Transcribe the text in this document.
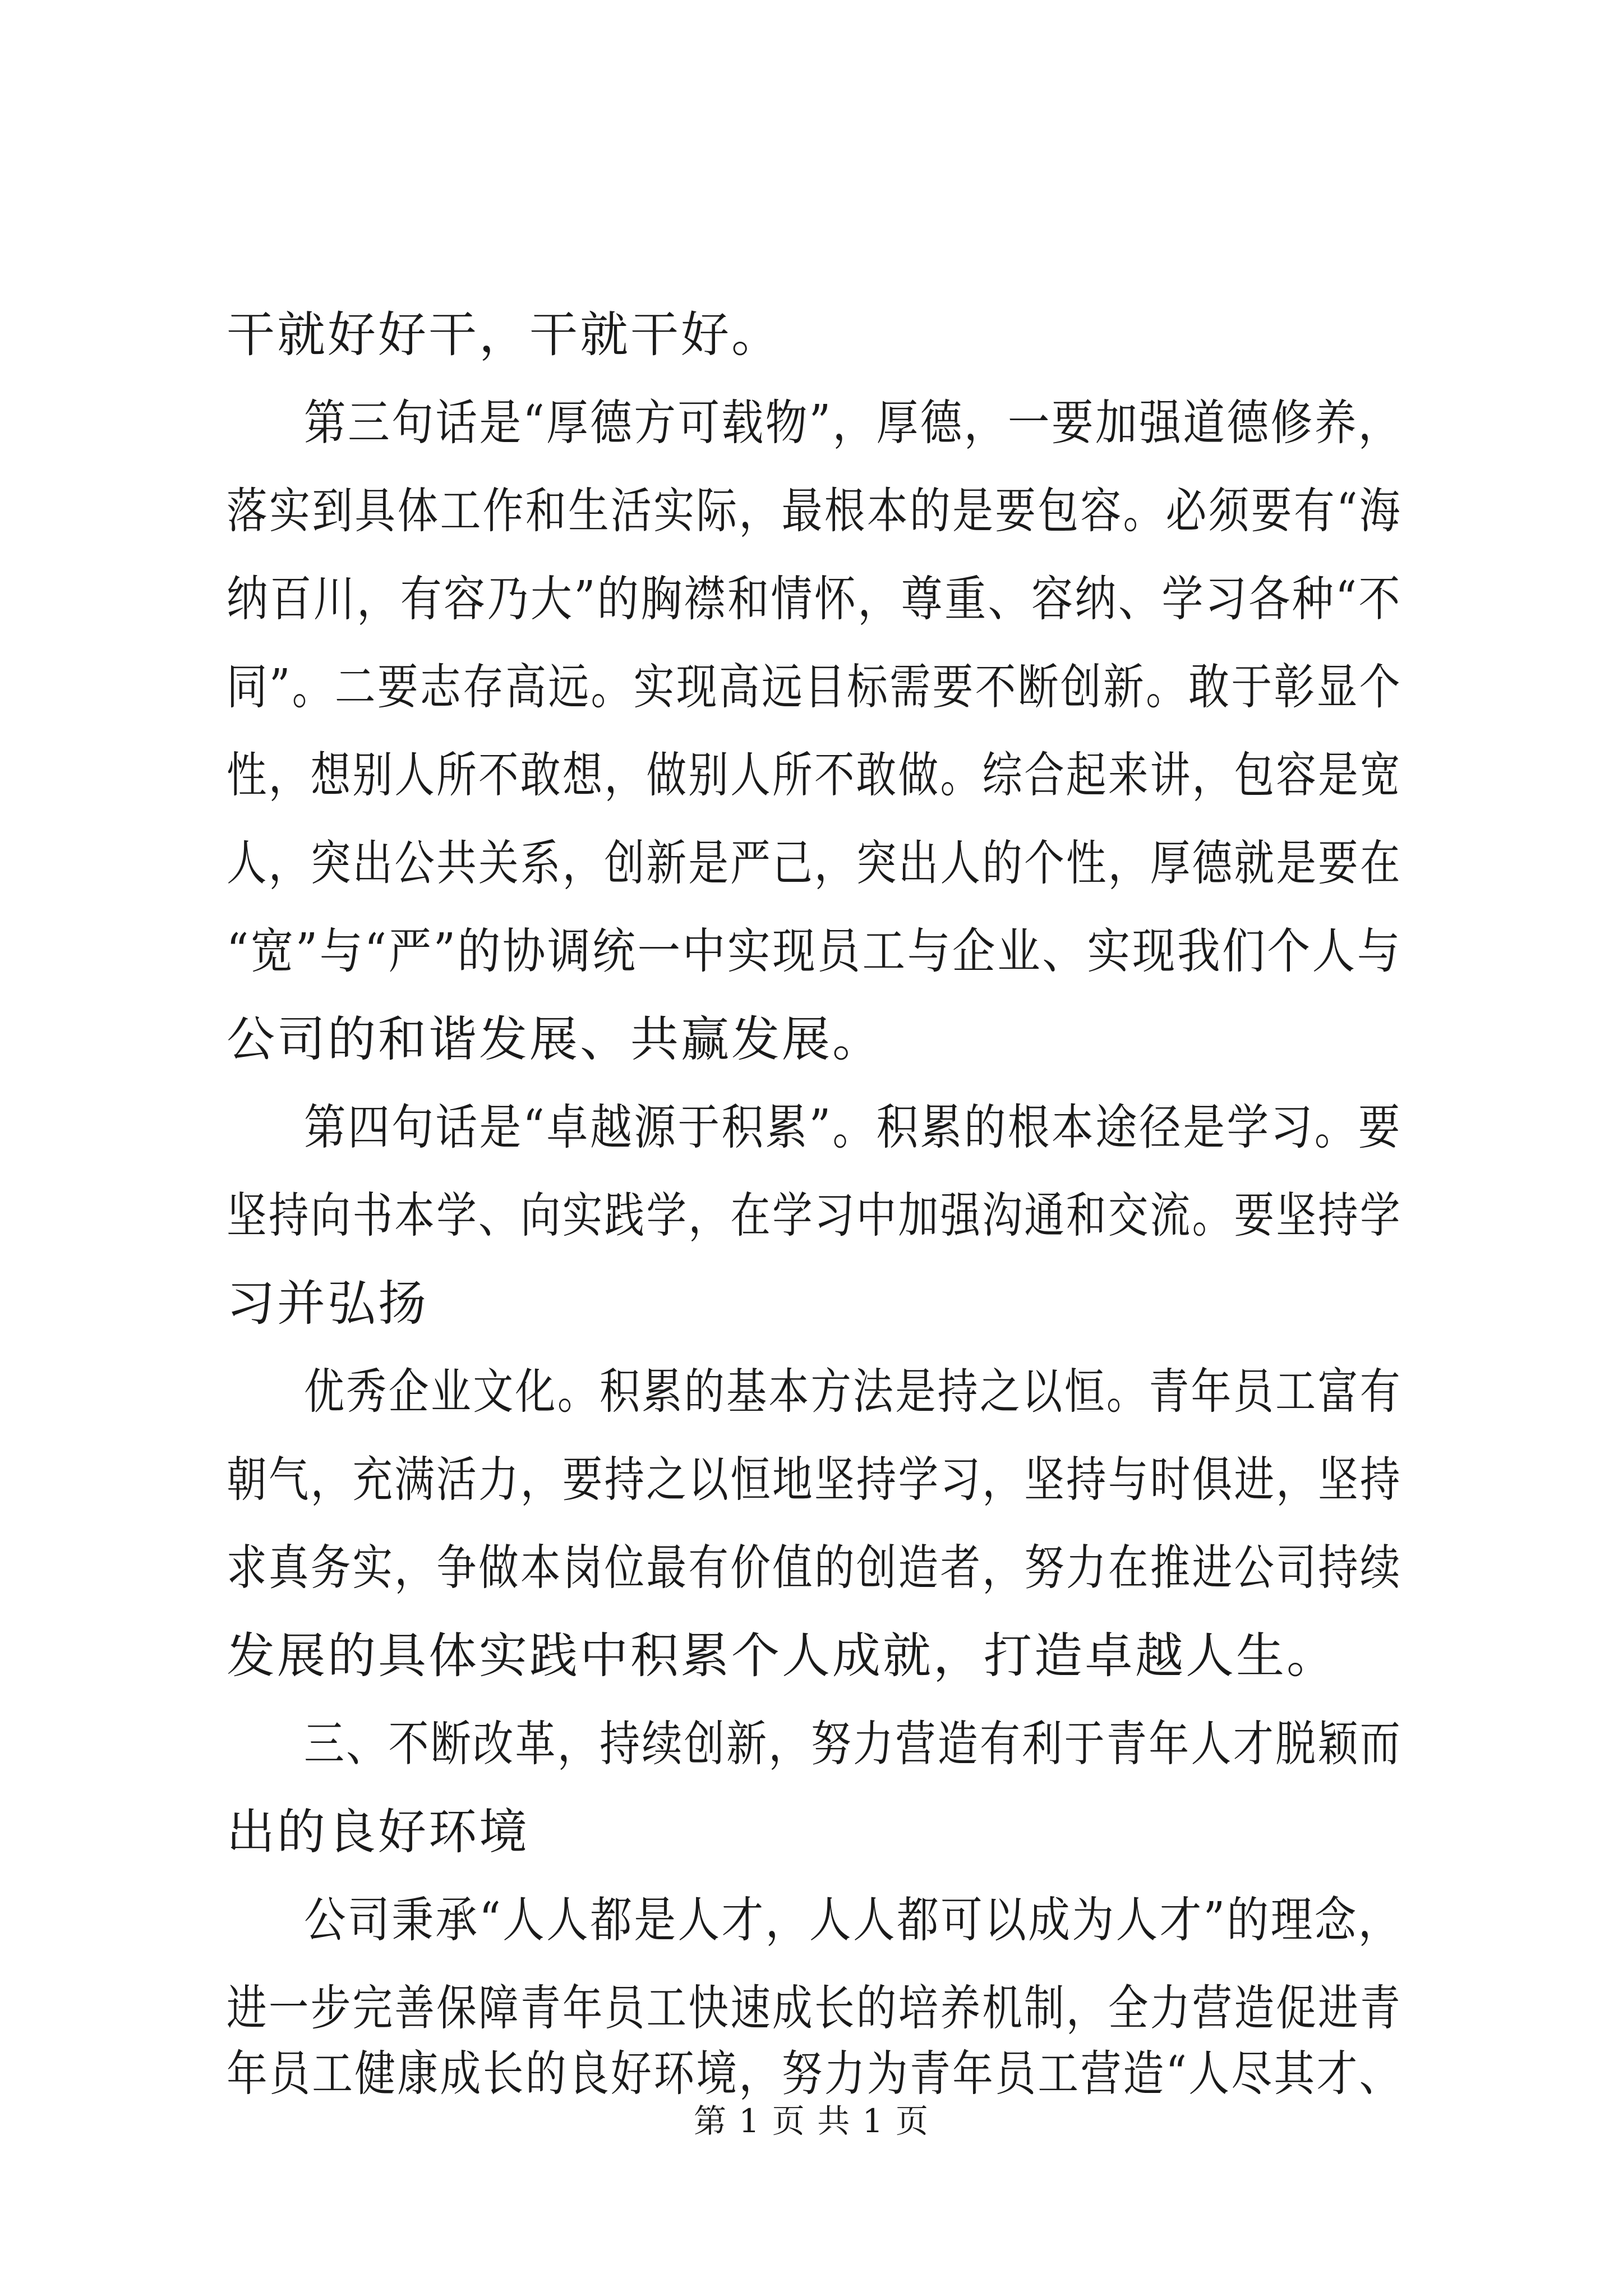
干就好好干，干就干好。
第三句话是“厚德方可载物”，厚德，一要加强道德修养，
落实到具体工作和生活实际，最根本的是要包容。必须要有“海
纳百川，有容乃大”的胸襟和情怀，尊重、容纳、学习各种“不
同”。二要志存高远。实现高远目标需要不断创新。敢于彰显个
性，想别人所不敢想，做别人所不敢做。综合起来讲，包容是宽
人，突出公共关系，创新是严己，突出人的个性，厚德就是要在
“宽”与“严”的协调统一中实现员工与企业、实现我们个人与
公司的和谐发展、共赢发展。
第四句话是“卓越源于积累”。积累的根本途径是学习。要
坚持向书本学、向实践学，在学习中加强沟通和交流。要坚持学
习并弘扬
优秀企业文化。积累的基本方法是持之以恒。青年员工富有
朝气，充满活力，要持之以恒地坚持学习，坚持与时俱进，坚持
求真务实，争做本岗位最有价值的创造者，努力在推进公司持续
发展的具体实践中积累个人成就，打造卓越人生。
三、不断改革，持续创新，努力营造有利于青年人才脱颖而
出的良好环境
公司秉承“人人都是人才，人人都可以成为人才”的理念，
进一步完善保障青年员工快速成长的培养机制，全力营造促进青
年员工健康成长的良好环境，努力为青年员工营造“人尽其才、
第 1 页 共 1 页
